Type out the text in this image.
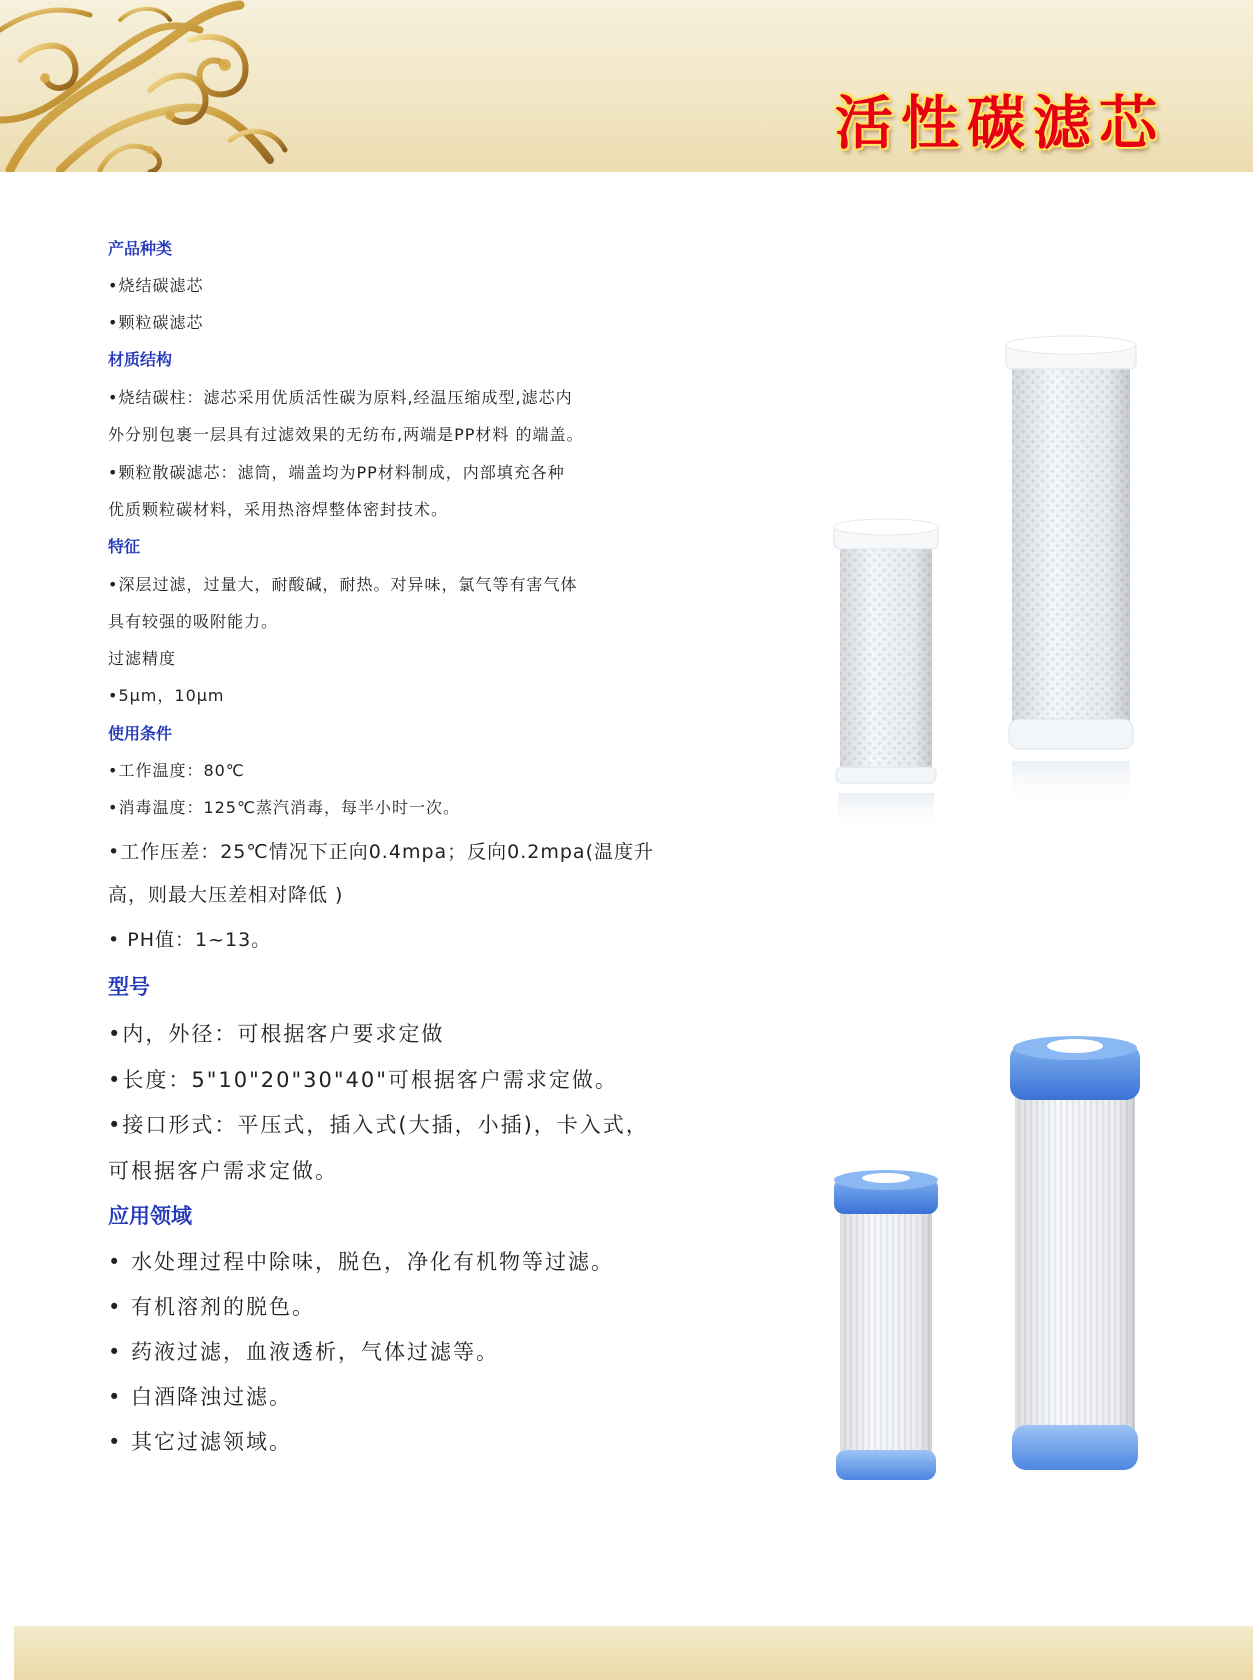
活性碳滤芯
产品种类
•烧结碳滤芯
•颗粒碳滤芯
材质结构
•烧结碳柱：滤芯采用优质活性碳为原料,经温压缩成型,滤芯内
外分别包裹一层具有过滤效果的无纺布,两端是PP材料 的端盖。
•颗粒散碳滤芯：滤筒，端盖均为PP材料制成，内部填充各种
优质颗粒碳材料，采用热溶焊整体密封技术。
特征
•深层过滤，过量大，耐酸碱，耐热。对异味，氯气等有害气体
具有较强的吸附能力。
过滤精度
•5μm，10μm
使用条件
•工作温度：80℃
•消毒温度：125℃蒸汽消毒，每半小时一次。
•工作压差：25℃情况下正向0.4mpa；反向0.2mpa(温度升
高，则最大压差相对降低 )
• PH值：1~13。
型号
•内，外径：可根据客户要求定做
•长度：5"10"20"30"40"可根据客户需求定做。
•接口形式：平压式，插入式(大插，小插)，卡入式，
可根据客户需求定做。
应用领域
• 水处理过程中除味，脱色，净化有机物等过滤。
• 有机溶剂的脱色。
• 药液过滤，血液透析，气体过滤等。
• 白酒降浊过滤。
• 其它过滤领域。
